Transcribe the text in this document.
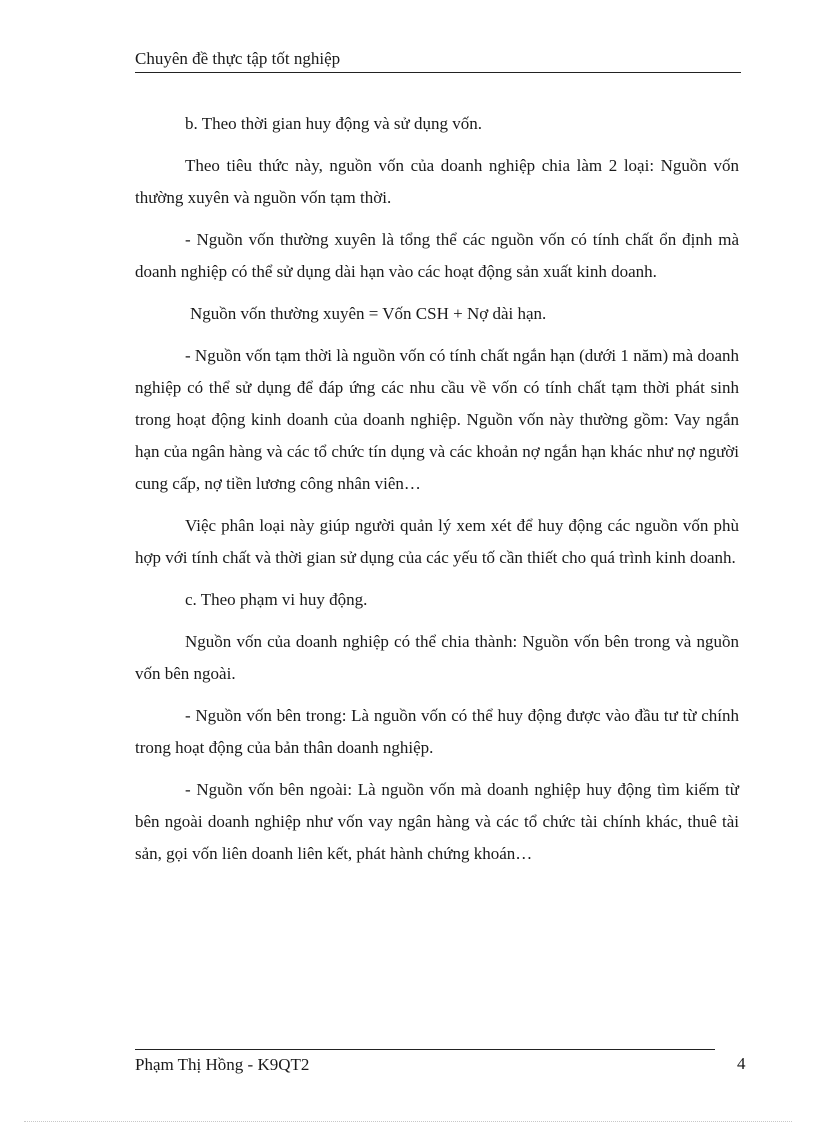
Chuyên đề thực tập tốt nghiệp

b. Theo thời gian huy động và sử dụng vốn.

Theo tiêu thức này, nguồn vốn của doanh nghiệp chia làm 2 loại: Nguồn vốn thường xuyên và nguồn vốn tạm thời.

- Nguồn vốn thường xuyên là tổng thể các nguồn vốn có tính chất ổn định mà doanh nghiệp có thể sử dụng dài hạn vào các hoạt động sản xuất kinh doanh.

Nguồn vốn thường xuyên = Vốn CSH + Nợ dài hạn.

- Nguồn vốn tạm thời là nguồn vốn có tính chất ngắn hạn (dưới 1 năm) mà doanh nghiệp có thể sử dụng để đáp ứng các nhu cầu về vốn có tính chất tạm thời phát sinh trong hoạt động kinh doanh của doanh nghiệp. Nguồn vốn này thường gồm: Vay ngắn hạn của ngân hàng và các tổ chức tín dụng và các khoản nợ ngắn hạn khác như nợ người cung cấp, nợ tiền lương công nhân viên…

Việc phân loại này giúp người quản lý xem xét để huy động các nguồn vốn phù hợp với tính chất và thời gian sử dụng của các yếu tố cần thiết cho quá trình kinh doanh.

c. Theo phạm vi huy động.

Nguồn vốn của doanh nghiệp có thể chia thành: Nguồn vốn bên trong và nguồn vốn bên ngoài.

- Nguồn vốn bên trong: Là nguồn vốn có thể huy động được vào đầu tư từ chính trong hoạt động của bản thân doanh nghiệp.

- Nguồn vốn bên ngoài: Là nguồn vốn mà doanh nghiệp huy động tìm kiếm từ bên ngoài doanh nghiệp như vốn vay ngân hàng và các tổ chức tài chính khác, thuê tài sản, gọi vốn liên doanh liên kết, phát hành chứng khoán…

Phạm Thị Hồng - K9QT2	4
